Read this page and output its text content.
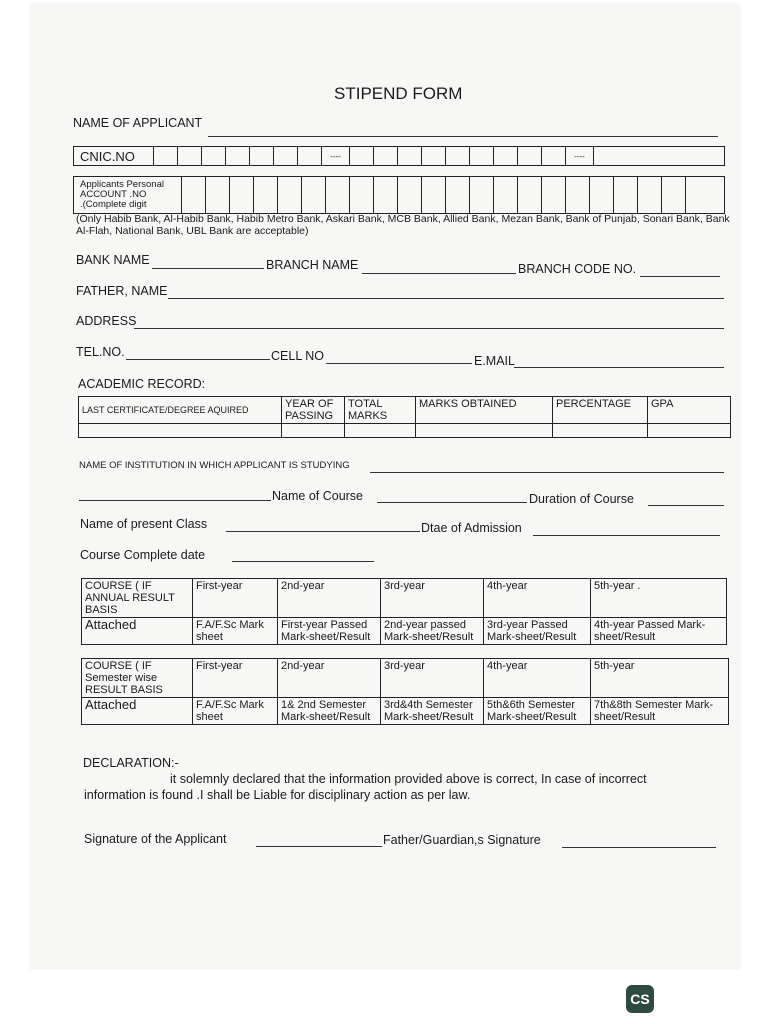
STIPEND FORM
NAME OF APPLICANT
CNIC.NO	----	----
Applicants Personal
ACCOUNT .NO
.(Complete digit
(Only Habib Bank, Al-Habib Bank, Habib Metro Bank, Askari Bank, MCB Bank, Allied Bank, Mezan Bank, Bank of Punjab, Sonari Bank, Bank Al-Flah, National Bank, UBL Bank are acceptable)
BANK NAME	BRANCH NAME	BRANCH CODE NO.
FATHER, NAME
ADDRESS
TEL.NO.	CELL NO	E.MAIL
ACADEMIC RECORD:
LAST CERTIFICATE/DEGREE AQUIRED	YEAR OF PASSING	TOTAL MARKS	MARKS OBTAINED	PERCENTAGE	GPA

NAME OF INSTITUTION IN WHICH APPLICANT IS STUDYING
Name of Course	Duration of Course
Name of present Class	Dtae of Admission
Course Complete date
COURSE ( IF ANNUAL RESULT BASIS	First-year	2nd-year	3rd-year	4th-year	5th-year .
Attached	F.A/F.Sc Mark sheet	First-year Passed Mark-sheet/Result	2nd-year passed Mark-sheet/Result	3rd-year Passed Mark-sheet/Result	4th-year Passed Mark-sheet/Result
COURSE ( IF Semester wise RESULT BASIS	First-year	2nd-year	3rd-year	4th-year	5th-year
Attached	F.A/F.Sc Mark sheet	1& 2nd Semester Mark-sheet/Result	3rd&4th Semester Mark-sheet/Result	5th&6th Semester Mark-sheet/Result	7th&8th Semester Mark-sheet/Result
DECLARATION:-
it solemnly declared that the information provided above is correct, In case of incorrect
information is found .I shall be Liable for disciplinary action as per law.
Signature of the Applicant	Father/Guardian,s Signature
CS
